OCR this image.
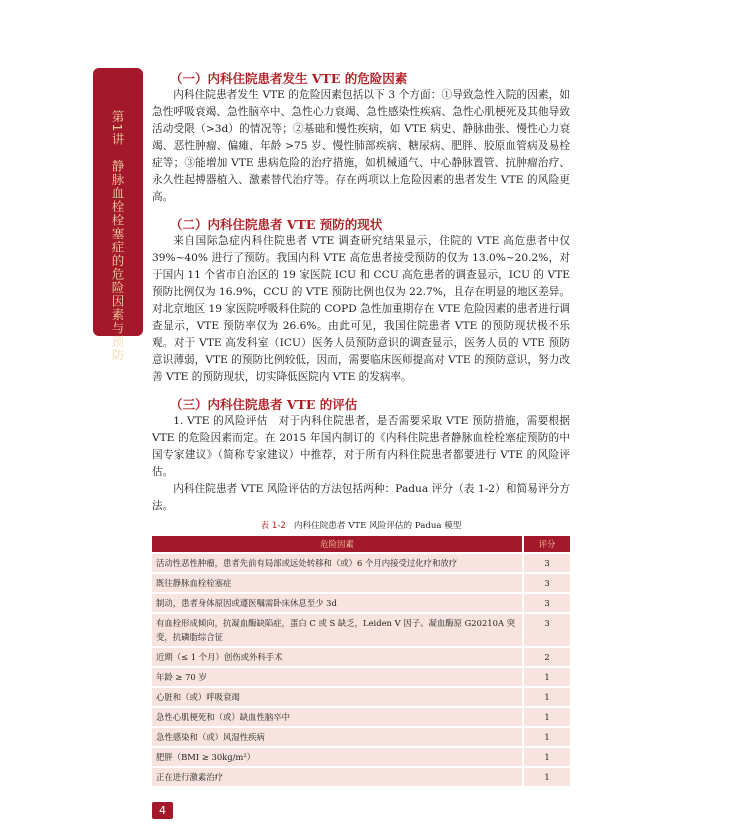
第1讲　静脉血栓栓塞症的危险因素与预防
（一）内科住院患者发生 VTE 的危险因素

内科住院患者发生 VTE 的危险因素包括以下 3 个方面：①导致急性入院的因素，如急性呼吸衰竭、急性脑卒中、急性心力衰竭、急性感染性疾病、急性心肌梗死及其他导致活动受限（>3d）的情况等；②基础和慢性疾病，如 VTE 病史、静脉曲张、慢性心力衰竭、恶性肿瘤、偏瘫、年龄 >75 岁、慢性肺部疾病、糖尿病、肥胖、胶原血管病及易栓症等；③能增加 VTE 患病危险的治疗措施，如机械通气、中心静脉置管、抗肿瘤治疗、永久性起搏器植入、激素替代治疗等。存在两项以上危险因素的患者发生 VTE 的风险更高。

（二）内科住院患者 VTE 预防的现状

来自国际急症内科住院患者 VTE 调查研究结果显示，住院的 VTE 高危患者中仅 39%~40% 进行了预防。我国内科 VTE 高危患者接受预防的仅为 13.0%~20.2%，对于国内 11 个省市自治区的 19 家医院 ICU 和 CCU 高危患者的调查显示，ICU 的 VTE 预防比例仅为 16.9%，CCU 的 VTE 预防比例也仅为 22.7%，且存在明显的地区差异。对北京地区 19 家医院呼吸科住院的 COPD 急性加重期存在 VTE 危险因素的患者进行调查显示，VTE 预防率仅为 26.6%。由此可见，我国住院患者 VTE 的预防现状极不乐观。对于 VTE 高发科室（ICU）医务人员预防意识的调查显示，医务人员的 VTE 预防意识薄弱，VTE 的预防比例较低，因而，需要临床医师提高对 VTE 的预防意识，努力改善 VTE 的预防现状，切实降低医院内 VTE 的发病率。

（三）内科住院患者 VTE 的评估

1. VTE 的风险评估　对于内科住院患者，是否需要采取 VTE 预防措施，需要根据 VTE 的危险因素而定。在 2015 年国内制订的《内科住院患者静脉血栓栓塞症预防的中国专家建议》（简称专家建议）中推荐，对于所有内科住院患者都要进行 VTE 的风险评估。

内科住院患者 VTE 风险评估的方法包括两种：Padua 评分（表 1-2）和简易评分方法。

表 1-2 内科住院患者 VTE 风险评估的 Padua 模型
危险因素	评分
活动性恶性肿瘤，患者先前有局部或远处转移和（或）6 个月内接受过化疗和放疗	3
既往静脉血栓栓塞症	3
制动，患者身体原因或遵医嘱需卧床休息至少 3d	3
有血栓形成倾向，抗凝血酶缺陷症，蛋白 C 或 S 缺乏，Leiden V 因子、凝血酶原 G20210A 突变，抗磷脂综合征	3
近期（≤ 1 个月）创伤或外科手术	2
年龄 ≥ 70 岁	1
心脏和（或）呼吸衰竭	1
急性心肌梗死和（或）缺血性脑卒中	1
急性感染和（或）风湿性疾病	1
肥胖（BMI ≥ 30kg/m²）	1
正在进行激素治疗	1
4
